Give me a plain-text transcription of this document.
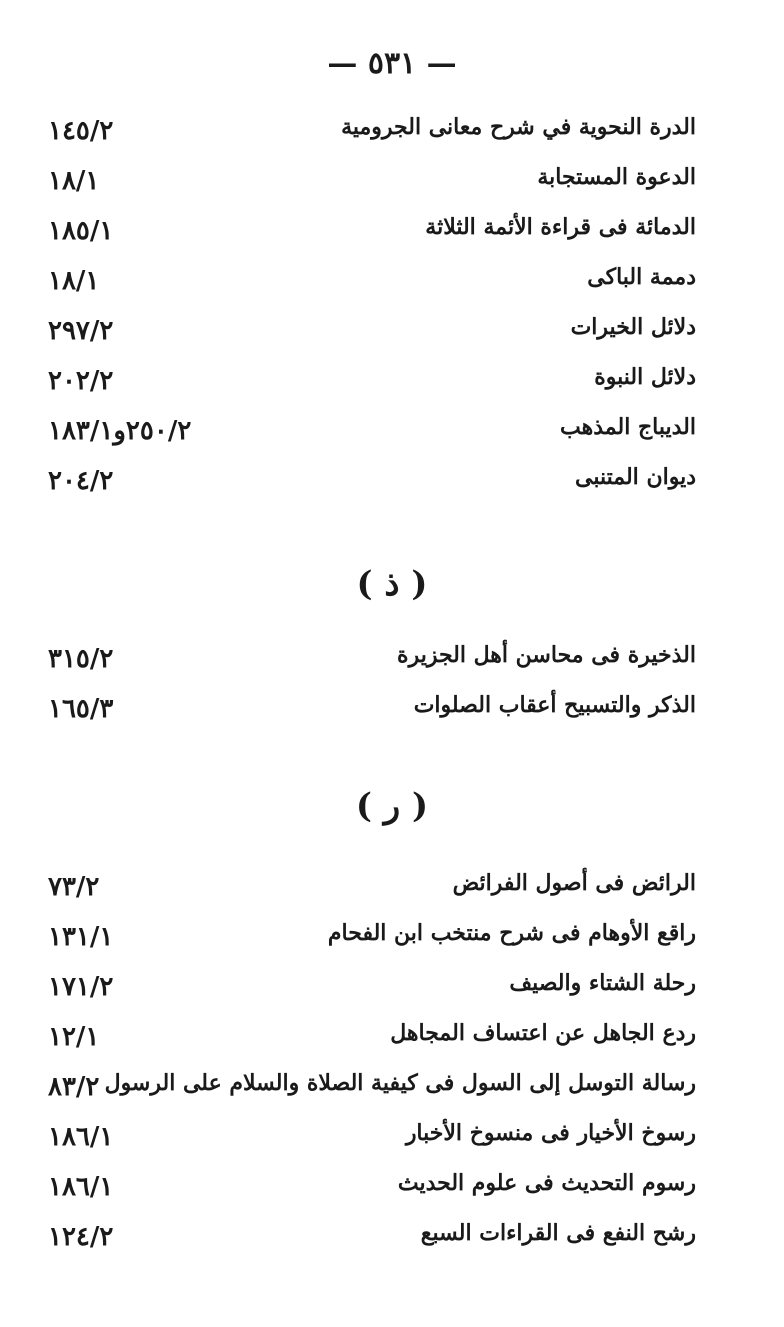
— ٥٣١ —
الدرة النحوية في شرح معانى الجرومية
١٤٥/٢
الدعوة المستجابة
١٨/١
الدمائة فى قراءة الأئمة الثلاثة
١٨٥/١
دممة الباكى
١٨/١
دلائل الخيرات
٢٩٧/٢
دلائل النبوة
٢٠٢/٢
الديباج المذهب
٢٥٠/٢و١٨٣/١
ديوان المتنبى
٢٠٤/٢
( ذ )
الذخيرة فى محاسن أهل الجزيرة
٣١٥/٢
الذكر والتسبيح أعقاب الصلوات
١٦٥/٣
( ر )
الرائض فى أصول الفرائض
٧٣/٢
راقع الأوهام فى شرح منتخب ابن الفحام
١٣١/١
رحلة الشتاء والصيف
١٧١/٢
ردع الجاهل عن اعتساف المجاهل
١٢/١
رسالة التوسل إلى السول فى كيفية الصلاة والسلام على الرسول
٨٣/٢
رسوخ الأخيار فى منسوخ الأخبار
١٨٦/١
رسوم التحديث فى علوم الحديث
١٨٦/١
رشح النفع فى القراءات السبع
١٢٤/٢
